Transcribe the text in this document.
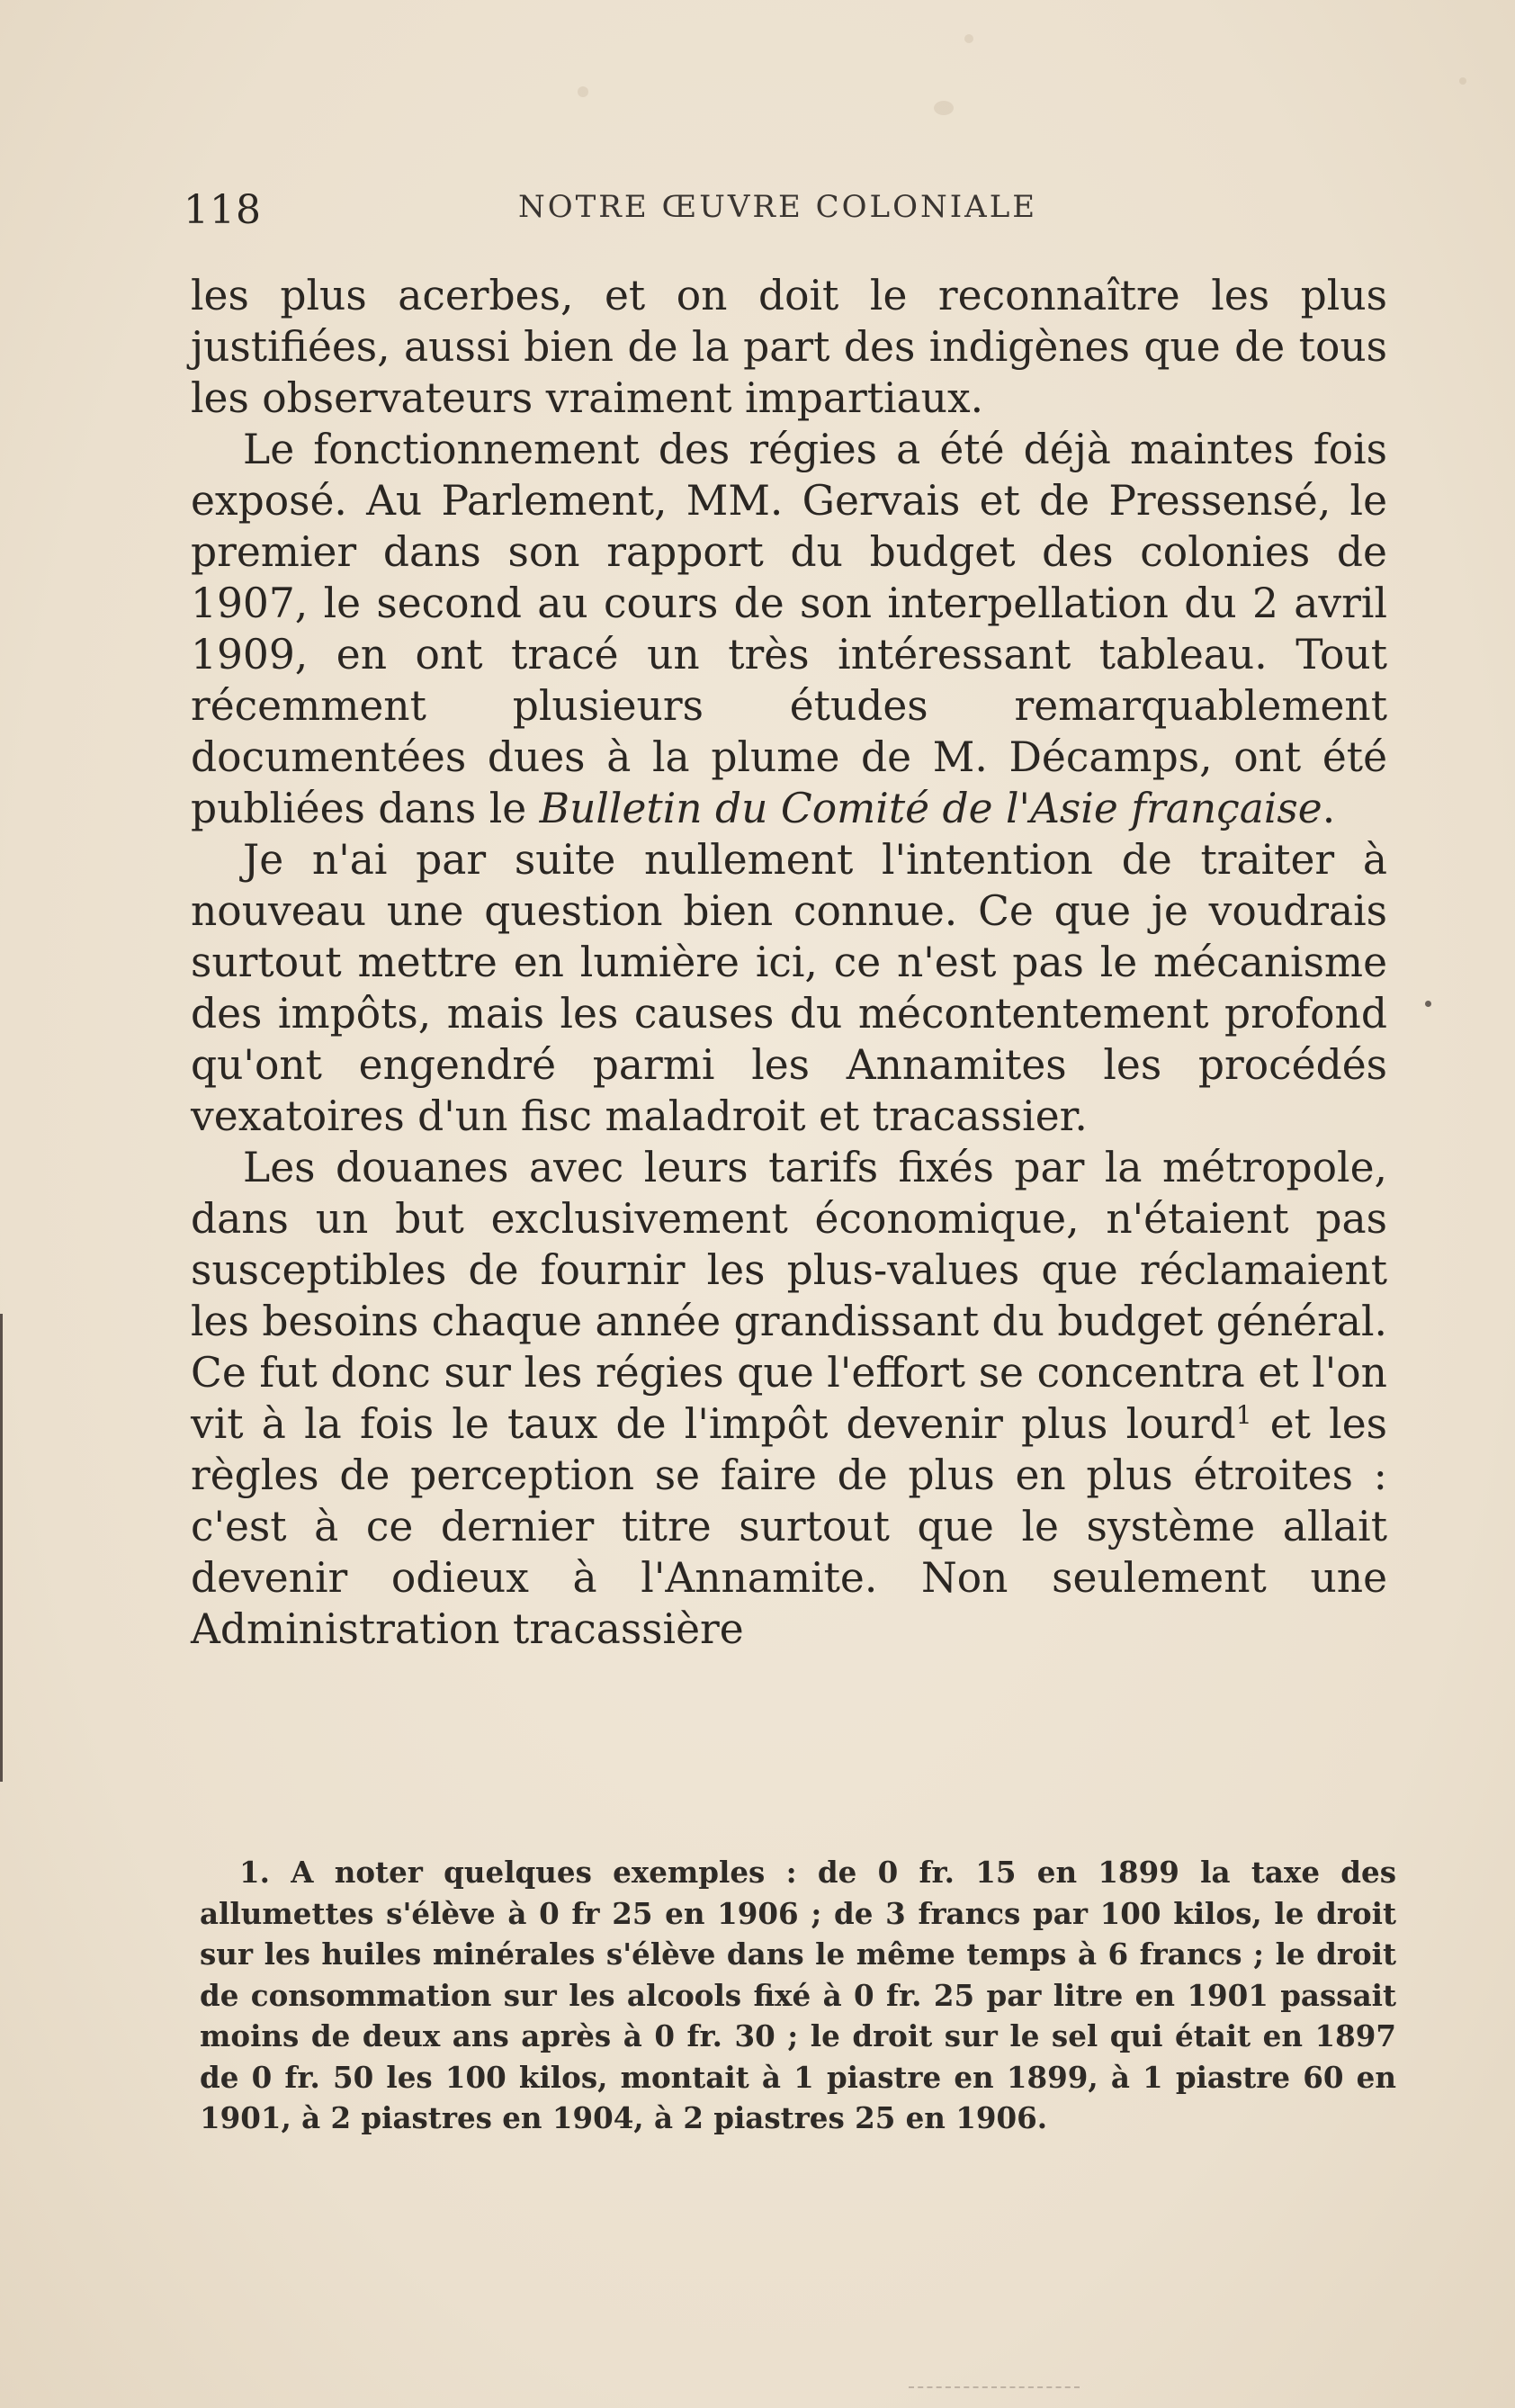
118	NOTRE ŒUVRE COLONIALE

les plus acerbes, et on doit le reconnaître les plus justifiées, aussi bien de la part des indigènes que de tous les observateurs vraiment impartiaux.

Le fonctionnement des régies a été déjà maintes fois exposé. Au Parlement, MM. Gervais et de Pressensé, le premier dans son rapport du budget des colonies de 1907, le second au cours de son interpellation du 2 avril 1909, en ont tracé un très intéressant tableau. Tout récemment plusieurs études remarquablement documentées dues à la plume de M. Décamps, ont été publiées dans le Bulletin du Comité de l'Asie française.

Je n'ai par suite nullement l'intention de traiter à nouveau une question bien connue. Ce que je voudrais surtout mettre en lumière ici, ce n'est pas le mécanisme des impôts, mais les causes du mécontentement profond qu'ont engendré parmi les Annamites les procédés vexatoires d'un fisc maladroit et tracassier.

Les douanes avec leurs tarifs fixés par la métropole, dans un but exclusivement économique, n'étaient pas susceptibles de fournir les plus-values que réclamaient les besoins chaque année grandissant du budget général. Ce fut donc sur les régies que l'effort se concentra et l'on vit à la fois le taux de l'impôt devenir plus lourd$^1$ et les règles de perception se faire de plus en plus étroites : c'est à ce dernier titre surtout que le système allait devenir odieux à l'Annamite. Non seulement une Administration tracassière

1. A noter quelques exemples : de 0 fr. 15 en 1899 la taxe des allumettes s'élève à 0 fr 25 en 1906 ; de 3 francs par 100 kilos, le droit sur les huiles minérales s'élève dans le même temps à 6 francs ; le droit de consommation sur les alcools fixé à 0 fr. 25 par litre en 1901 passait moins de deux ans après à 0 fr. 30 ; le droit sur le sel qui était en 1897 de 0 fr. 50 les 100 kilos, montait à 1 piastre en 1899, à 1 piastre 60 en 1901, à 2 piastres en 1904, à 2 piastres 25 en 1906.
